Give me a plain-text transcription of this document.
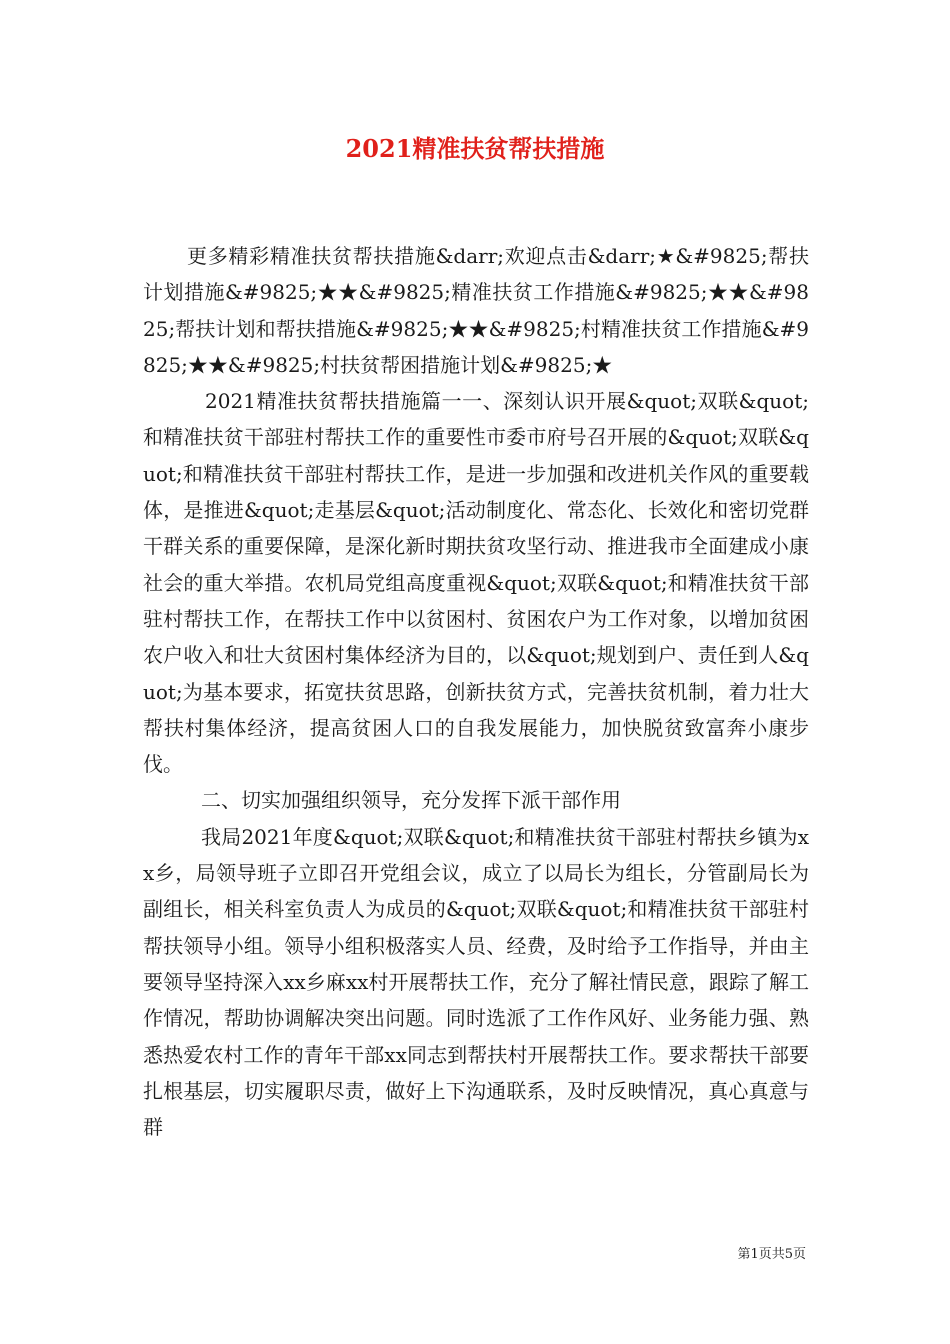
2021精准扶贫帮扶措施

更多精彩精准扶贫帮扶措施&darr;欢迎点击&darr;★&#9825;帮扶计划措施&#9825;★★&#9825;精准扶贫工作措施&#9825;★★&#9825;帮扶计划和帮扶措施&#9825;★★&#9825;村精准扶贫工作措施&#9825;★★&#9825;村扶贫帮困措施计划&#9825;★

2021精准扶贫帮扶措施篇一一、深刻认识开展&quot;双联&quot;和精准扶贫干部驻村帮扶工作的重要性市委市府号召开展的&quot;双联&quot;和精准扶贫干部驻村帮扶工作，是进一步加强和改进机关作风的重要载体，是推进&quot;走基层&quot;活动制度化、常态化、长效化和密切党群干群关系的重要保障，是深化新时期扶贫攻坚行动、推进我市全面建成小康社会的重大举措。农机局党组高度重视&quot;双联&quot;和精准扶贫干部驻村帮扶工作，在帮扶工作中以贫困村、贫困农户为工作对象，以增加贫困农户收入和壮大贫困村集体经济为目的，以&quot;规划到户、责任到人&quot;为基本要求，拓宽扶贫思路，创新扶贫方式，完善扶贫机制，着力壮大帮扶村集体经济，提高贫困人口的自我发展能力，加快脱贫致富奔小康步伐。

二、切实加强组织领导，充分发挥下派干部作用

我局2021年度&quot;双联&quot;和精准扶贫干部驻村帮扶乡镇为xx乡，局领导班子立即召开党组会议，成立了以局长为组长，分管副局长为副组长，相关科室负责人为成员的&quot;双联&quot;和精准扶贫干部驻村帮扶领导小组。领导小组积极落实人员、经费，及时给予工作指导，并由主要领导坚持深入xx乡麻xx村开展帮扶工作，充分了解社情民意，跟踪了解工作情况，帮助协调解决突出问题。同时选派了工作作风好、业务能力强、熟悉热爱农村工作的青年干部xx同志到帮扶村开展帮扶工作。要求帮扶干部要扎根基层，切实履职尽责，做好上下沟通联系，及时反映情况，真心真意与群

第1页共5页
